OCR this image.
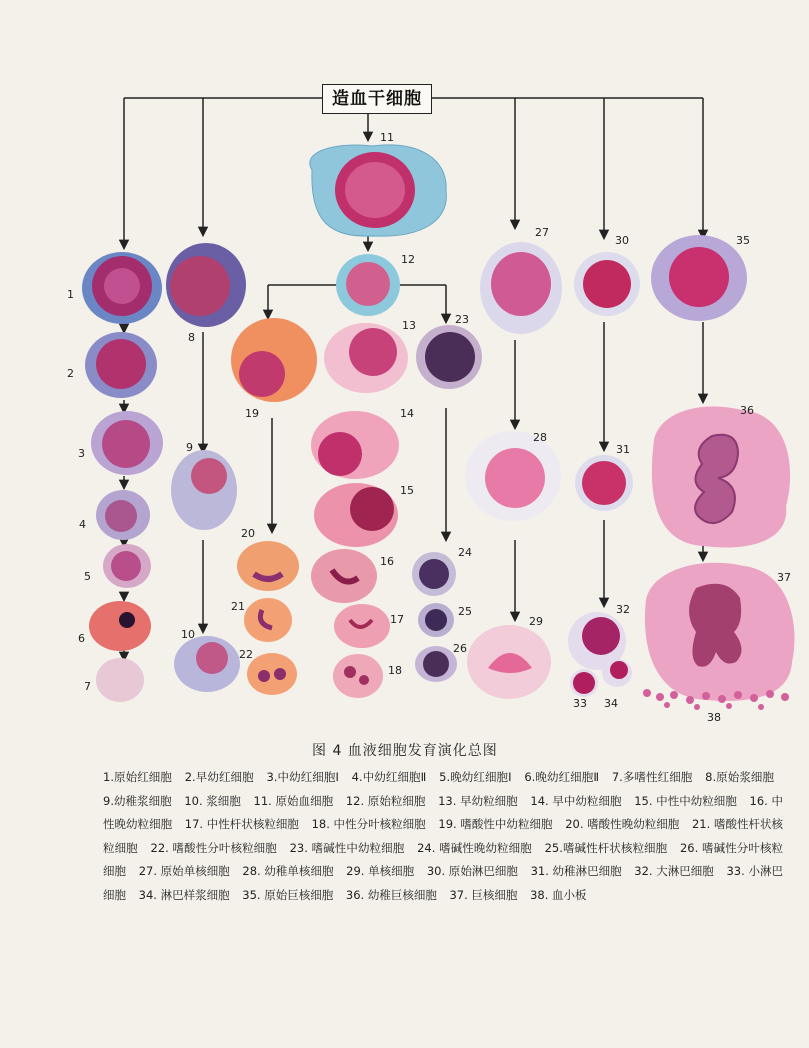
造血干细胞
1
2
3
4
5
6
7
8
9
10
11
12
13
14
15
16
17
18
19
20
21
22
23
24
25
26
27
28
29
30
31
32
33 34
35
36
37
38
图 4 血液细胞发育演化总图
1.原始红细胞 2.早幼红细胞 3.中幼红细胞Ⅰ 4.中幼红细胞Ⅱ 5.晚幼红细胞Ⅰ 6.晚幼红细胞Ⅱ 7.多嗜性红细胞 8.原始浆细胞 9.幼稚浆细胞 10. 浆细胞 11. 原始血细胞 12. 原始粒细胞 13. 早幼粒细胞 14. 早中幼粒细胞 15. 中性中幼粒细胞 16. 中性晚幼粒细胞 17. 中性杆状核粒细胞 18. 中性分叶核粒细胞 19. 嗜酸性中幼粒细胞 20. 嗜酸性晚幼粒细胞 21. 嗜酸性杆状核粒细胞 22. 嗜酸性分叶核粒细胞 23. 嗜碱性中幼粒细胞 24. 嗜碱性晚幼粒细胞 25.嗜碱性杆状核粒细胞 26. 嗜碱性分叶核粒细胞 27. 原始单核细胞 28. 幼稚单核细胞 29. 单核细胞 30. 原始淋巴细胞 31. 幼稚淋巴细胞 32. 大淋巴细胞 33. 小淋巴细胞 34. 淋巴样浆细胞 35. 原始巨核细胞 36. 幼稚巨核细胞 37. 巨核细胞 38. 血小板
